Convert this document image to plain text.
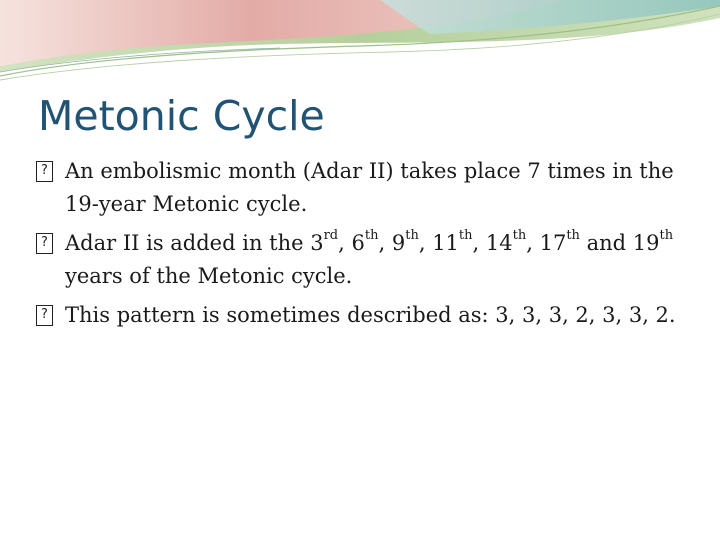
Metonic Cycle
?
An embolismic month (Adar II) takes place 7 times in the 19-year Metonic cycle.
?
Adar II is added in the 3rd, 6th, 9th, 11th, 14th, 17th and 19th years of the Metonic cycle.
?
This pattern is sometimes described as: 3, 3, 3, 2, 3, 3, 2.
